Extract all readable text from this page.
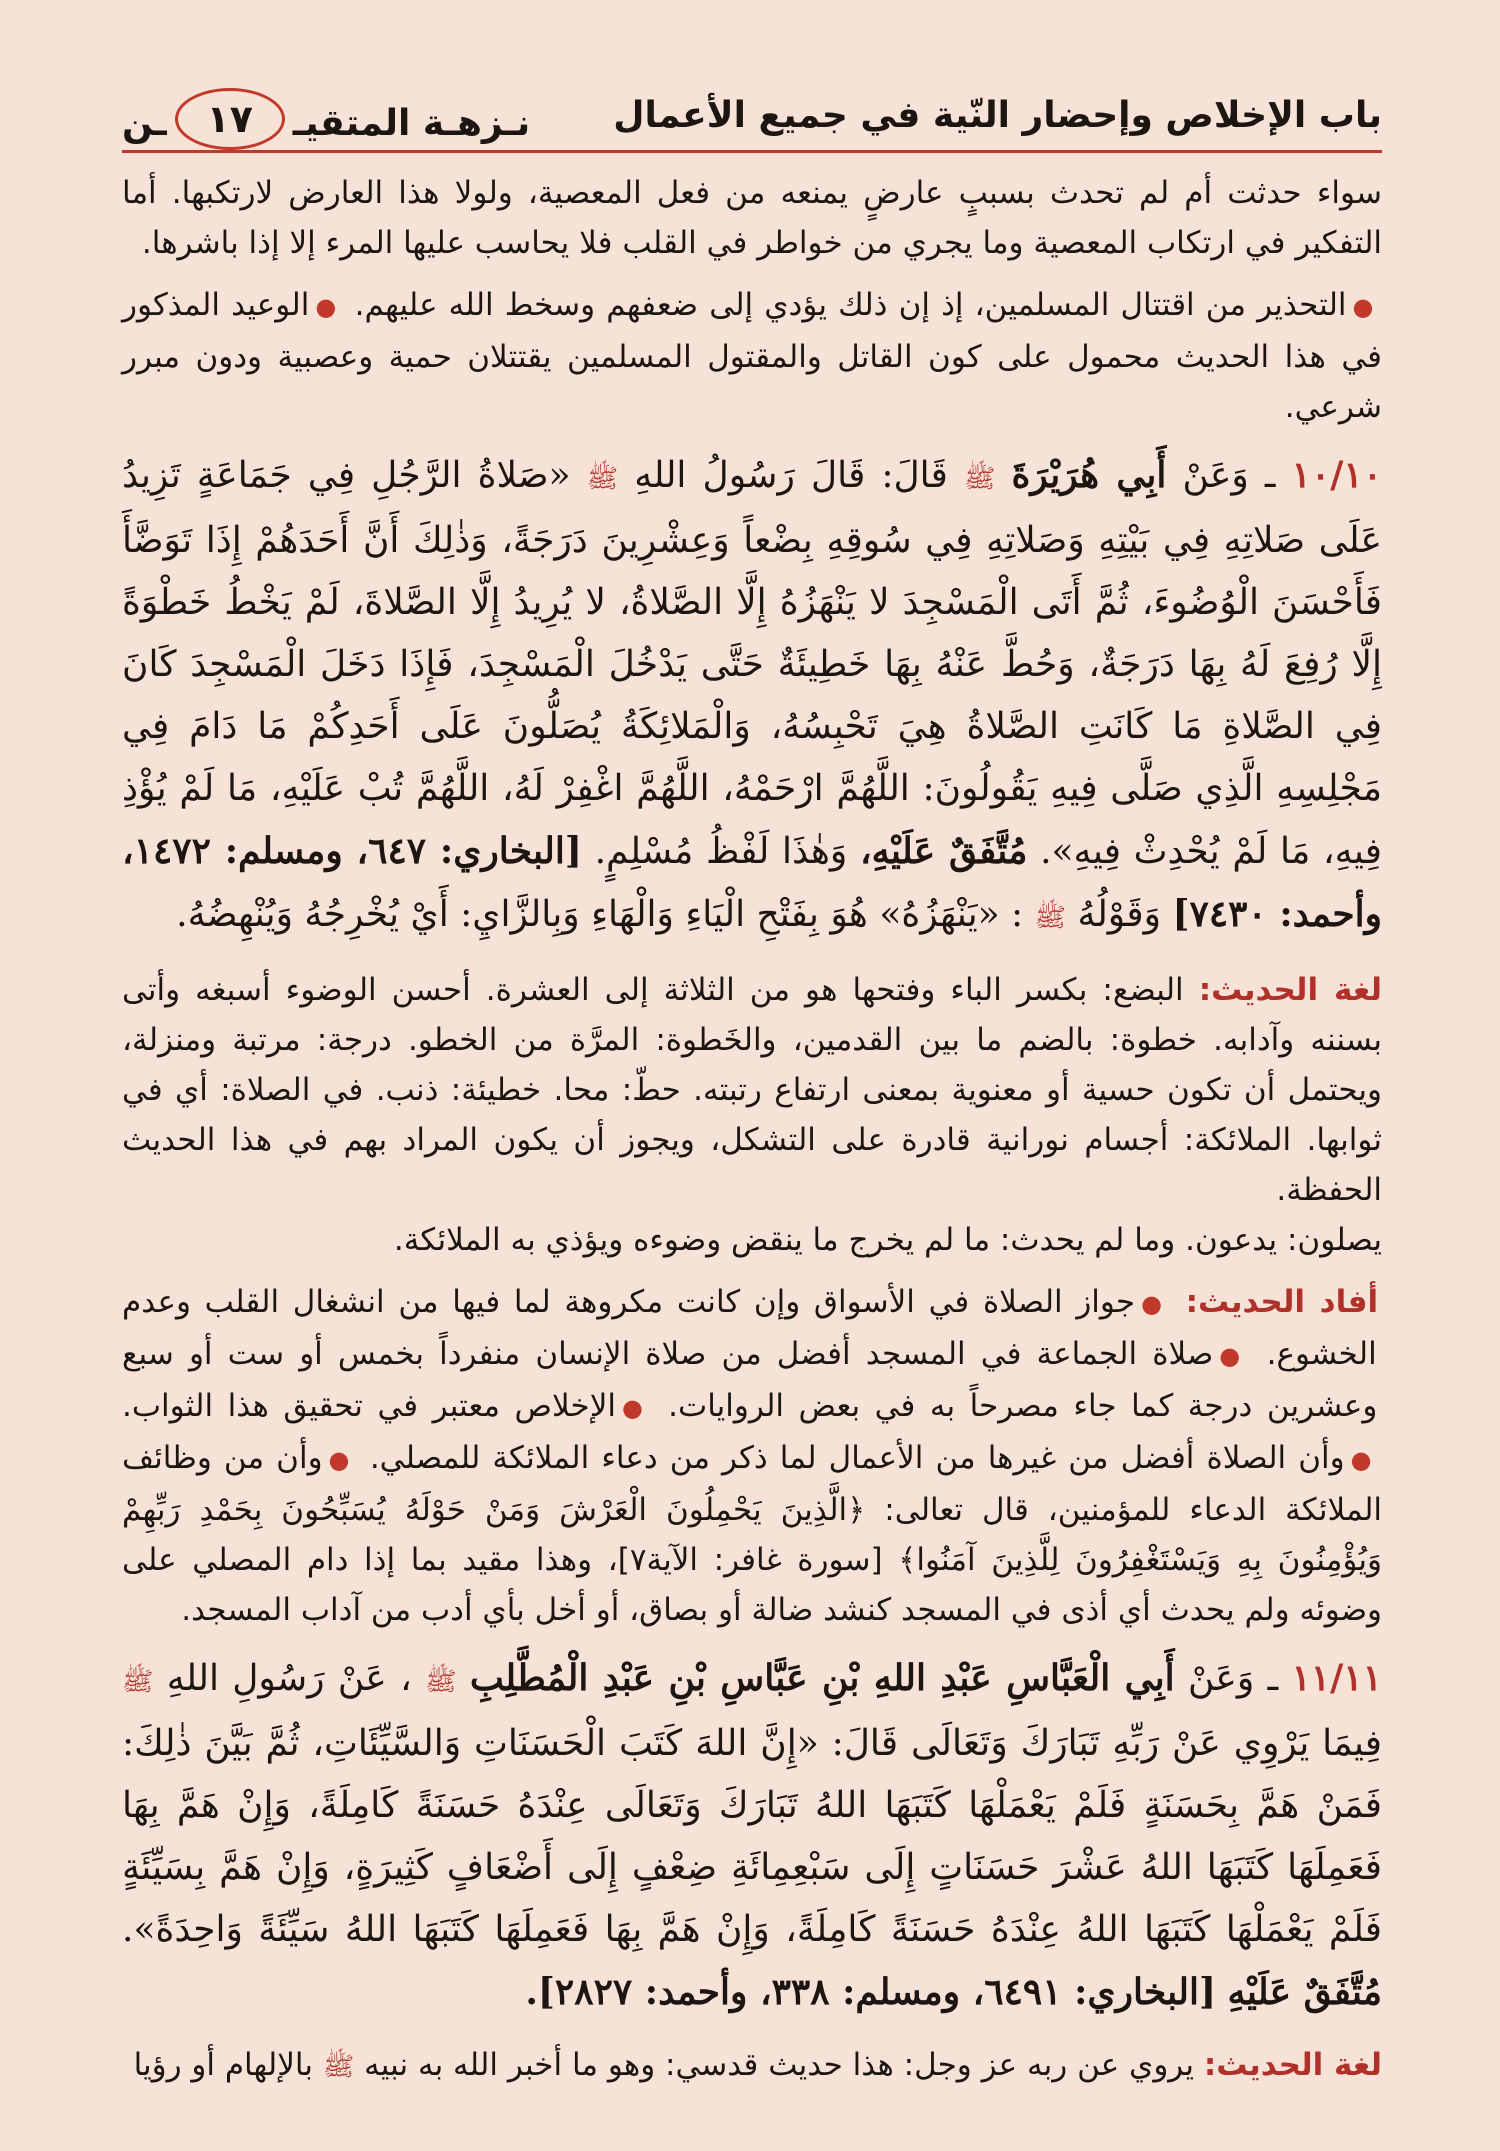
باب الإخلاص وإحضار النّية في جميع الأعمال
نـزهـة المتقيـ
١٧
ـن

سواء حدثت أم لم تحدث بسببٍ عارضٍ يمنعه من فعل المعصية، ولولا هذا العارض لارتكبها. أما التفكير في ارتكاب المعصية وما يجري من خواطر في القلب فلا يحاسب عليها المرء إلا إذا باشرها.

●التحذير من اقتتال المسلمين، إذ إن ذلك يؤدي إلى ضعفهم وسخط الله عليهم. ●الوعيد المذكور في هذا الحديث محمول على كون القاتل والمقتول المسلمين يقتتلان حمية وعصبية ودون مبرر شرعي.

١٠/١٠ ـ وَعَنْ أَبِي هُرَيْرَةَ ﷺ قَالَ: قَالَ رَسُولُ اللهِ ﷺ «صَلاةُ الرَّجُلِ فِي جَمَاعَةٍ تَزِيدُ عَلَى صَلاتِهِ فِي بَيْتِهِ وَصَلاتِهِ فِي سُوقِهِ بِضْعاً وَعِشْرِينَ دَرَجَةً، وَذٰلِكَ أَنَّ أَحَدَهُمْ إِذَا تَوَضَّأَ فَأَحْسَنَ الْوُضُوءَ، ثُمَّ أَتَى الْمَسْجِدَ لا يَنْهَزُهُ إِلَّا الصَّلاةُ، لا يُرِيدُ إِلَّا الصَّلاةَ، لَمْ يَخْطُ خَطْوَةً إِلَّا رُفِعَ لَهُ بِهَا دَرَجَةٌ، وَحُطَّ عَنْهُ بِهَا خَطِيئَةٌ حَتَّى يَدْخُلَ الْمَسْجِدَ، فَإِذَا دَخَلَ الْمَسْجِدَ كَانَ فِي الصَّلاةِ مَا كَانَتِ الصَّلاةُ هِيَ تَحْبِسُهُ، وَالْمَلائِكَةُ يُصَلُّونَ عَلَى أَحَدِكُمْ مَا دَامَ فِي مَجْلِسِهِ الَّذِي صَلَّى فِيهِ يَقُولُونَ: اللَّهُمَّ ارْحَمْهُ، اللَّهُمَّ اغْفِرْ لَهُ، اللَّهُمَّ تُبْ عَلَيْهِ، مَا لَمْ يُؤْذِ فِيهِ، مَا لَمْ يُحْدِثْ فِيهِ». مُتَّفَقٌ عَلَيْهِ، وَهٰذَا لَفْظُ مُسْلِمٍ. [البخاري: ٦٤٧، ومسلم: ١٤٧٢، وأحمد: ٧٤٣٠] وَقَوْلُهُ ﷺ : «يَنْهَزُهُ» هُوَ بِفَتْحِ الْيَاءِ وَالْهَاءِ وَبِالزَّايِ: أَيْ يُخْرِجُهُ وَيُنْهِضُهُ.

لغة الحديث: البضع: بكسر الباء وفتحها هو من الثلاثة إلى العشرة. أحسن الوضوء أسبغه وأتى بسننه وآدابه. خطوة: بالضم ما بين القدمين، والخَطوة: المرَّة من الخطو. درجة: مرتبة ومنزلة، ويحتمل أن تكون حسية أو معنوية بمعنى ارتفاع رتبته. حطّ: محا. خطيئة: ذنب. في الصلاة: أي في ثوابها. الملائكة: أجسام نورانية قادرة على التشكل، ويجوز أن يكون المراد بهم في هذا الحديث الحفظة.
يصلون: يدعون. وما لم يحدث: ما لم يخرج ما ينقض وضوءه ويؤذي به الملائكة.

أفاد الحديث: ●جواز الصلاة في الأسواق وإن كانت مكروهة لما فيها من انشغال القلب وعدم الخشوع. ●صلاة الجماعة في المسجد أفضل من صلاة الإنسان منفرداً بخمس أو ست أو سبع وعشرين درجة كما جاء مصرحاً به في بعض الروايات. ●الإخلاص معتبر في تحقيق هذا الثواب. ●وأن الصلاة أفضل من غيرها من الأعمال لما ذكر من دعاء الملائكة للمصلي. ●وأن من وظائف الملائكة الدعاء للمؤمنين، قال تعالى: ﴿الَّذِينَ يَحْمِلُونَ الْعَرْشَ وَمَنْ حَوْلَهُ يُسَبِّحُونَ بِحَمْدِ رَبِّهِمْ وَيُؤْمِنُونَ بِهِ وَيَسْتَغْفِرُونَ لِلَّذِينَ آمَنُوا﴾ [سورة غافر: الآية٧]، وهذا مقيد بما إذا دام المصلي على وضوئه ولم يحدث أي أذى في المسجد كنشد ضالة أو بصاق، أو أخل بأي أدب من آداب المسجد.

١١/١١ ـ وَعَنْ أَبِي الْعَبَّاسِ عَبْدِ اللهِ بْنِ عَبَّاسِ بْنِ عَبْدِ الْمُطَّلِبِ ﷺ ، عَنْ رَسُولِ اللهِ ﷺ فِيمَا يَرْوِي عَنْ رَبِّهِ تَبَارَكَ وَتَعَالَى قَالَ: «إِنَّ اللهَ كَتَبَ الْحَسَنَاتِ وَالسَّيِّئَاتِ، ثُمَّ بَيَّنَ ذٰلِكَ: فَمَنْ هَمَّ بِحَسَنَةٍ فَلَمْ يَعْمَلْهَا كَتَبَهَا اللهُ تَبَارَكَ وَتَعَالَى عِنْدَهُ حَسَنَةً كَامِلَةً، وَإِنْ هَمَّ بِهَا فَعَمِلَهَا كَتَبَهَا اللهُ عَشْرَ حَسَنَاتٍ إِلَى سَبْعِمِائَةِ ضِعْفٍ إِلَى أَضْعَافٍ كَثِيرَةٍ، وَإِنْ هَمَّ بِسَيِّئَةٍ فَلَمْ يَعْمَلْهَا كَتَبَهَا اللهُ عِنْدَهُ حَسَنَةً كَامِلَةً، وَإِنْ هَمَّ بِهَا فَعَمِلَهَا كَتَبَهَا اللهُ سَيِّئَةً وَاحِدَةً». مُتَّفَقٌ عَلَيْهِ [البخاري: ٦٤٩١، ومسلم: ٣٣٨، وأحمد: ٢٨٢٧].

لغة الحديث: يروي عن ربه عز وجل: هذا حديث قدسي: وهو ما أخبر الله به نبيه ﷺ بالإلهام أو رؤيا
